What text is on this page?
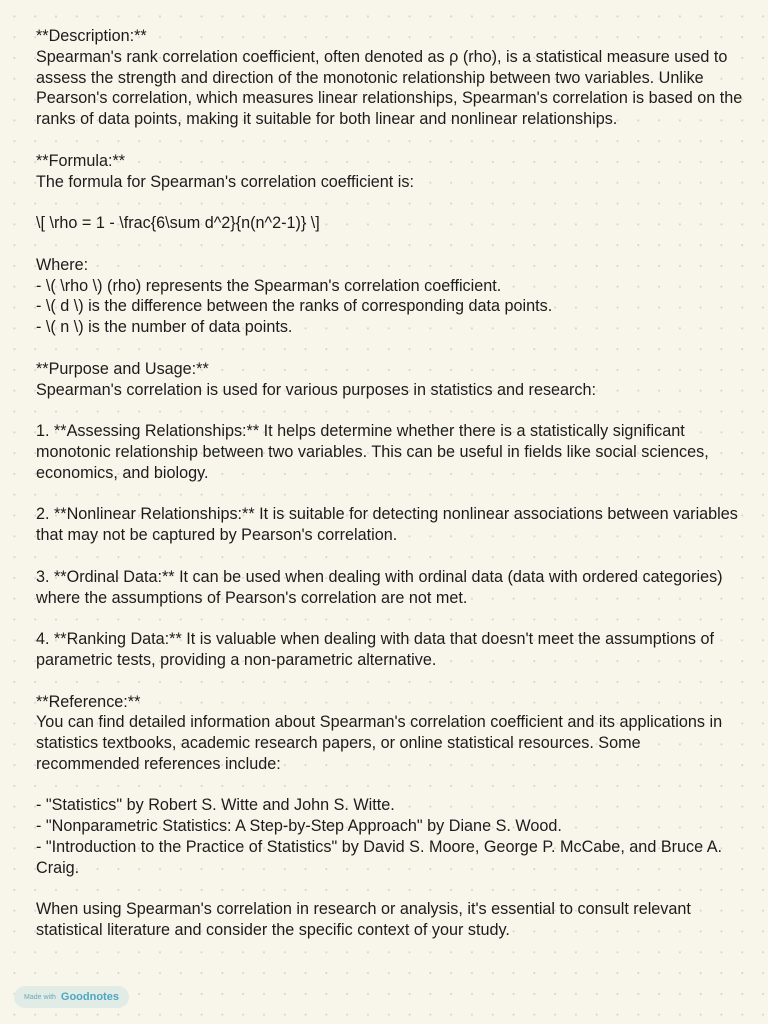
**Description:**
Spearman's rank correlation coefficient, often denoted as ρ (rho), is a statistical measure used to assess the strength and direction of the monotonic relationship between two variables. Unlike Pearson's correlation, which measures linear relationships, Spearman's correlation is based on the ranks of data points, making it suitable for both linear and nonlinear relationships.
**Formula:**
The formula for Spearman's correlation coefficient is:
\[ \rho = 1 - \frac{6\sum d^2}{n(n^2-1)} \]
Where:
- \( \rho \) (rho) represents the Spearman's correlation coefficient.
- \( d \) is the difference between the ranks of corresponding data points.
- \( n \) is the number of data points.
**Purpose and Usage:**
Spearman's correlation is used for various purposes in statistics and research:
1. **Assessing Relationships:** It helps determine whether there is a statistically significant monotonic relationship between two variables. This can be useful in fields like social sciences, economics, and biology.
2. **Nonlinear Relationships:** It is suitable for detecting nonlinear associations between variables that may not be captured by Pearson's correlation.
3. **Ordinal Data:** It can be used when dealing with ordinal data (data with ordered categories) where the assumptions of Pearson's correlation are not met.
4. **Ranking Data:** It is valuable when dealing with data that doesn't meet the assumptions of parametric tests, providing a non-parametric alternative.
**Reference:**
You can find detailed information about Spearman's correlation coefficient and its applications in statistics textbooks, academic research papers, or online statistical resources. Some recommended references include:
- "Statistics" by Robert S. Witte and John S. Witte.
- "Nonparametric Statistics: A Step-by-Step Approach" by Diane S. Wood.
- "Introduction to the Practice of Statistics" by David S. Moore, George P. McCabe, and Bruce A. Craig.
When using Spearman's correlation in research or analysis, it's essential to consult relevant statistical literature and consider the specific context of your study.
Made with Goodnotes
